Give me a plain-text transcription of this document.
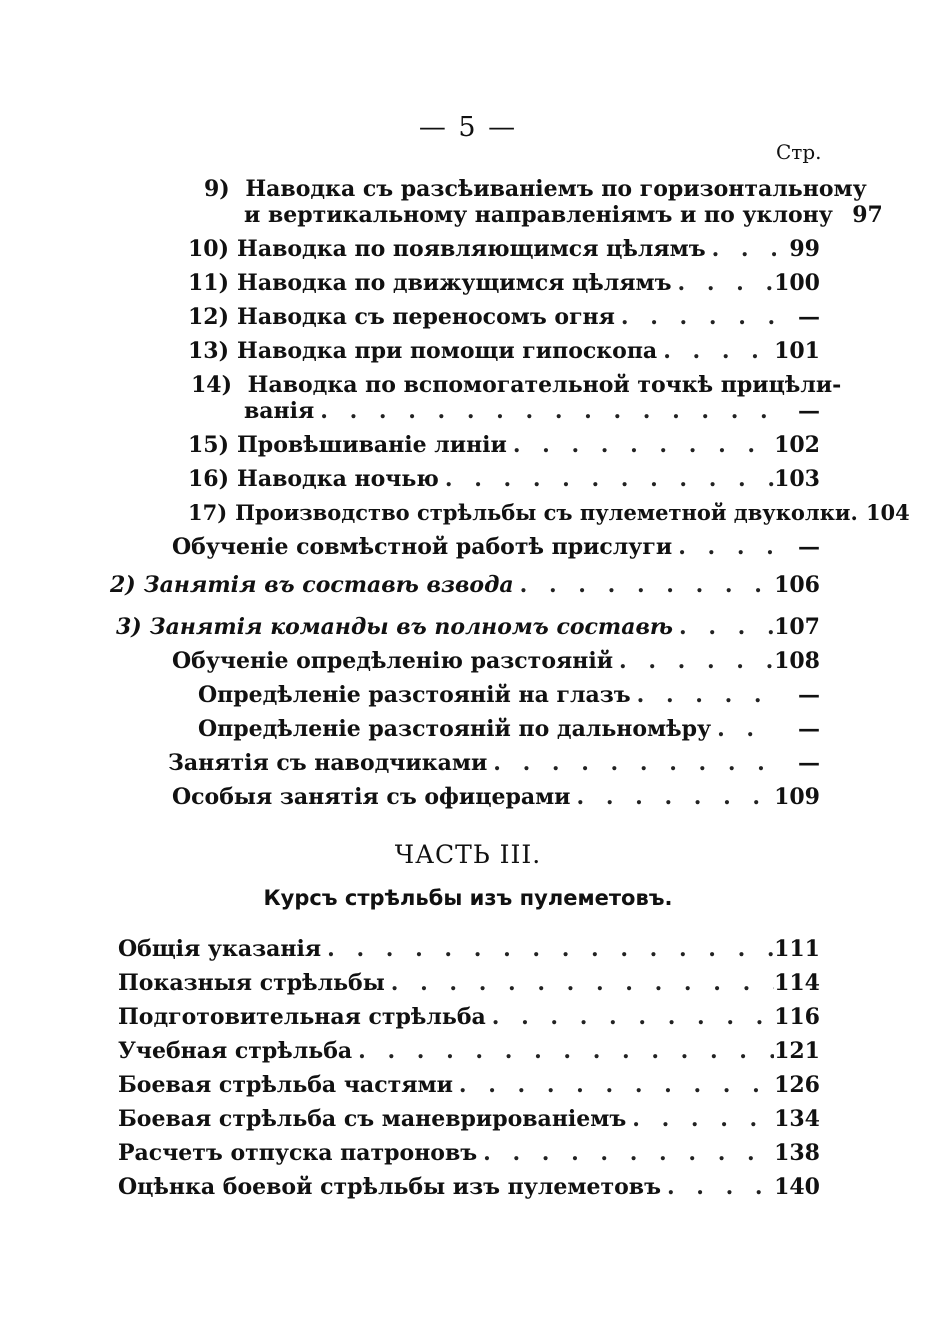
— 5 —
Стр.
9) Наводка съ разсѣиваніемъ по горизонтальному
и вертикальному направленіямъ и по уклону . . . 97
10) Наводка по появляющимся цѣлямъ . . .	99
11) Наводка по движущимся цѣлямъ . . .	100
12) Наводка съ переносомъ огня . . .	—
13) Наводка при помощи гипоскопа . . .	101
14) Наводка по вспомогательной точкѣ прицѣли-
ванія . . .	—
15) Провѣшиваніе линіи . . .	102
16) Наводка ночью . . .	103
17) Производство стрѣльбы съ пулеметной двуколки. 104
Обученіе совмѣстной работѣ прислуги . . .	—
2) Занятія въ составѣ взвода . . .	106
3) Занятія команды въ полномъ составѣ . . .	107
Обученіе опредѣленію разстояній . . .	108
Опредѣленіе разстояній на глазъ . . .	—
Опредѣленіе разстояній по дальномѣру . . .	—
Занятія съ наводчиками . . .	—
Особыя занятія съ офицерами . . .	109
ЧАСТЬ III.
Курсъ стрѣльбы изъ пулеметовъ.
Общія указанія . . .	111
Показныя стрѣльбы . . .	114
Подготовительная стрѣльба . . .	116
Учебная стрѣльба . . .	121
Боевая стрѣльба частями . . .	126
Боевая стрѣльба съ маневрированіемъ . . .	134
Расчетъ отпуска патроновъ . . .	138
Оцѣнка боевой стрѣльбы изъ пулеметовъ . . .	140
